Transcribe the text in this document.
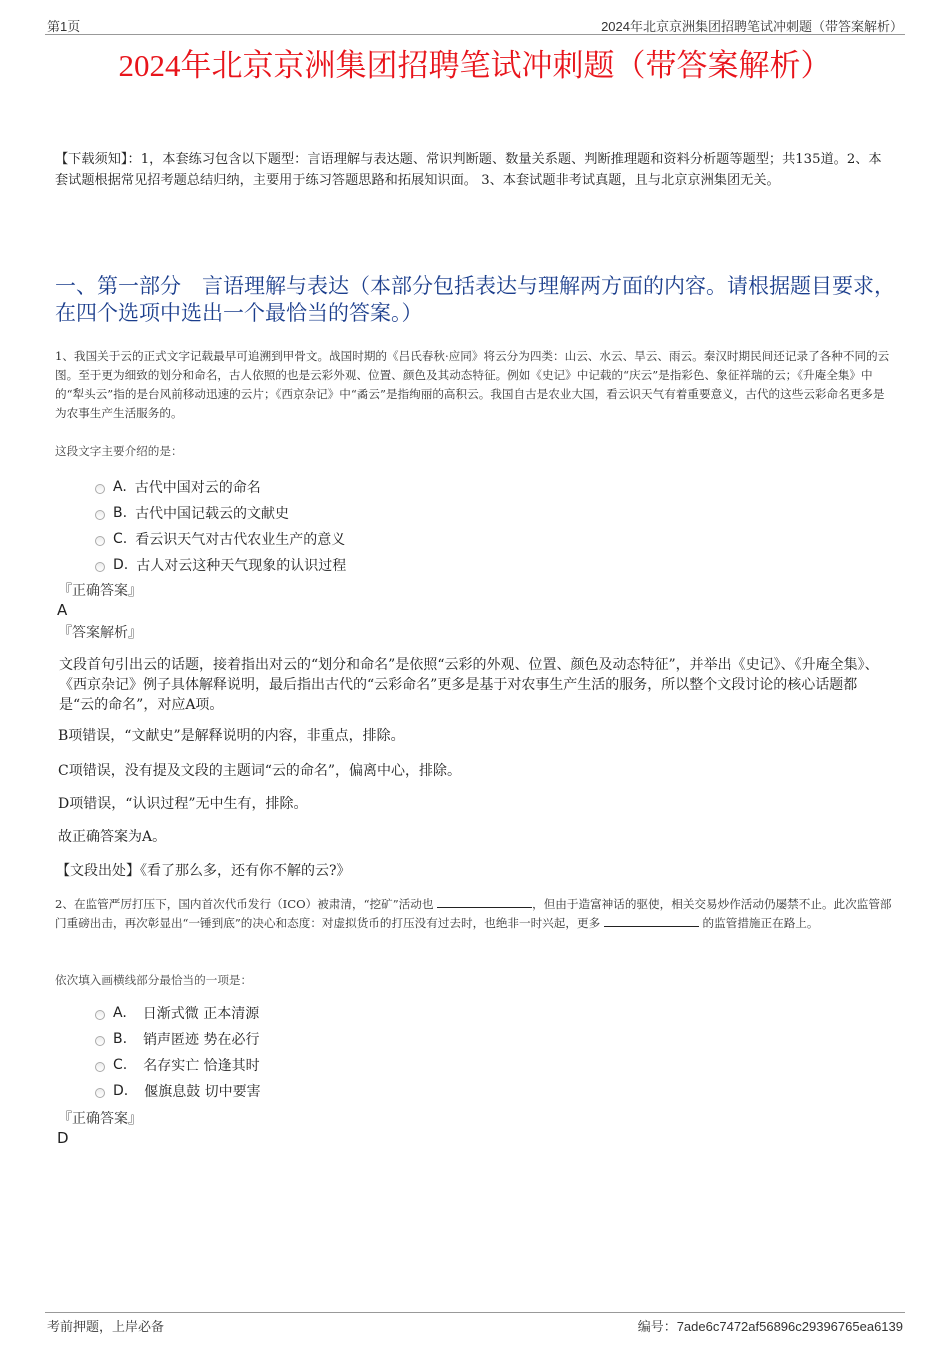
第1页	2024年北京京洲集团招聘笔试冲刺题（带答案解析）
2024年北京京洲集团招聘笔试冲刺题（带答案解析）
【下载须知】：1，本套练习包含以下题型：言语理解与表达题、常识判断题、数量关系题、判断推理题和资料分析题等题型；共135道。2、本套试题根据常见招考题总结归纳，主要用于练习答题思路和拓展知识面。 3、本套试题非考试真题，且与北京京洲集团无关。
一、第一部分　言语理解与表达（本部分包括表达与理解两方面的内容。请根据题目要求，在四个选项中选出一个最恰当的答案。）
1、我国关于云的正式文字记载最早可追溯到甲骨文。战国时期的《吕氏春秋·应同》将云分为四类：山云、水云、旱云、雨云。秦汉时期民间还记录了各种不同的云图。至于更为细致的划分和命名，古人依照的也是云彩外观、位置、颜色及其动态特征。例如《史记》中记载的“庆云”是指彩色、象征祥瑞的云；《升庵全集》中的“犁头云”指的是台风前移动迅速的云片；《西京杂记》中“矞云”是指绚丽的高积云。我国自古是农业大国，看云识天气有着重要意义，古代的这些云彩命名更多是为农事生产生活服务的。
这段文字主要介绍的是：
A. 古代中国对云的命名
B. 古代中国记载云的文献史
C. 看云识天气对古代农业生产的意义
D. 古人对云这种天气现象的认识过程
『正确答案』
A
『答案解析』
文段首句引出云的话题，接着指出对云的“划分和命名”是依照“云彩的外观、位置、颜色及动态特征”，并举出《史记》、《升庵全集》、《西京杂记》例子具体解释说明，最后指出古代的“云彩命名”更多是基于对农事生产生活的服务，所以整个文段讨论的核心话题都是“云的命名”，对应A项。
B项错误，“文献史”是解释说明的内容，非重点，排除。
C项错误，没有提及文段的主题词“云的命名”，偏离中心，排除。
D项错误，“认识过程”无中生有，排除。
故正确答案为A。
【文段出处】《看了那么多，还有你不解的云?》
2、在监管严厉打压下，国内首次代币发行（ICO）被肃清，“挖矿”活动也	，但由于造富神话的驱使，相关交易炒作活动仍屡禁不止。此次监管部门重磅出击，再次彰显出“一锤到底”的决心和态度：对虚拟货币的打压没有过去时，也绝非一时兴起，更多	的监管措施正在路上。
依次填入画横线部分最恰当的一项是：
A. 日渐式微 正本清源
B. 销声匿迹 势在必行
C. 名存实亡 恰逢其时
D. 偃旗息鼓 切中要害
『正确答案』
D
考前押题，上岸必备	编号：7ade6c7472af56896c29396765ea6139
